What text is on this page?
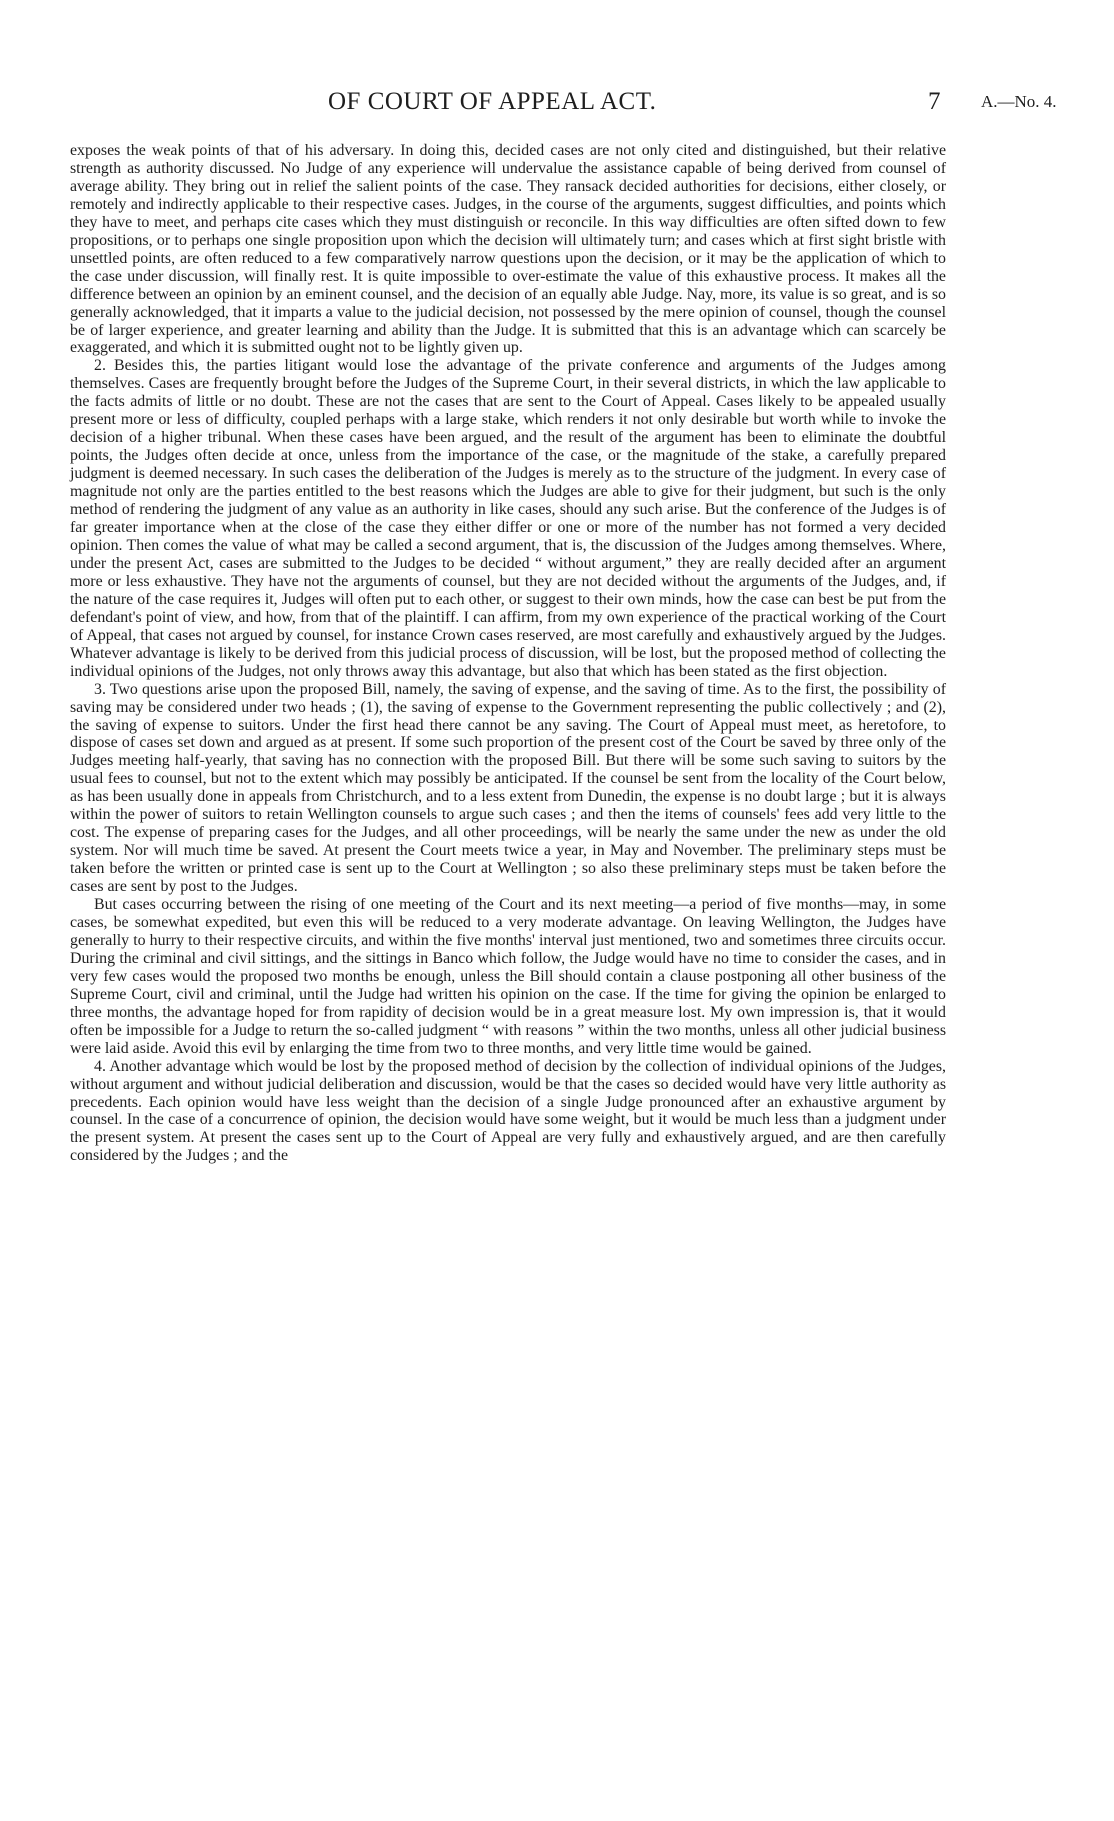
OF COURT OF APPEAL ACT.	7 A.—No. 4.

exposes the weak points of that of his adversary. In doing this, decided cases are not only cited and distinguished, but their relative strength as authority discussed. No Judge of any experience will undervalue the assistance capable of being derived from counsel of average ability. They bring out in relief the salient points of the case. They ransack decided authorities for decisions, either closely, or remotely and indirectly applicable to their respective cases. Judges, in the course of the arguments, suggest difficulties, and points which they have to meet, and perhaps cite cases which they must distinguish or reconcile. In this way difficulties are often sifted down to few propositions, or to perhaps one single proposition upon which the decision will ultimately turn; and cases which at first sight bristle with unsettled points, are often reduced to a few comparatively narrow questions upon the decision, or it may be the application of which to the case under discussion, will finally rest. It is quite impossible to over-estimate the value of this exhaustive process. It makes all the difference between an opinion by an eminent counsel, and the decision of an equally able Judge. Nay, more, its value is so great, and is so generally acknowledged, that it imparts a value to the judicial decision, not possessed by the mere opinion of counsel, though the counsel be of larger experience, and greater learning and ability than the Judge. It is submitted that this is an advantage which can scarcely be exaggerated, and which it is submitted ought not to be lightly given up.

2. Besides this, the parties litigant would lose the advantage of the private conference and arguments of the Judges among themselves. Cases are frequently brought before the Judges of the Supreme Court, in their several districts, in which the law applicable to the facts admits of little or no doubt. These are not the cases that are sent to the Court of Appeal. Cases likely to be appealed usually present more or less of difficulty, coupled perhaps with a large stake, which renders it not only desirable but worth while to invoke the decision of a higher tribunal. When these cases have been argued, and the result of the argument has been to eliminate the doubtful points, the Judges often decide at once, unless from the importance of the case, or the magnitude of the stake, a carefully prepared judgment is deemed necessary. In such cases the deliberation of the Judges is merely as to the structure of the judgment. In every case of magnitude not only are the parties entitled to the best reasons which the Judges are able to give for their judgment, but such is the only method of rendering the judgment of any value as an authority in like cases, should any such arise. But the conference of the Judges is of far greater importance when at the close of the case they either differ or one or more of the number has not formed a very decided opinion. Then comes the value of what may be called a second argument, that is, the discussion of the Judges among themselves. Where, under the present Act, cases are submitted to the Judges to be decided “ without argument,” they are really decided after an argument more or less exhaustive. They have not the arguments of counsel, but they are not decided without the arguments of the Judges, and, if the nature of the case requires it, Judges will often put to each other, or suggest to their own minds, how the case can best be put from the defendant's point of view, and how, from that of the plaintiff. I can affirm, from my own experience of the practical working of the Court of Appeal, that cases not argued by counsel, for instance Crown cases reserved, are most carefully and exhaustively argued by the Judges. Whatever advantage is likely to be derived from this judicial process of discussion, will be lost, but the proposed method of collecting the individual opinions of the Judges, not only throws away this advantage, but also that which has been stated as the first objection.

3. Two questions arise upon the proposed Bill, namely, the saving of expense, and the saving of time. As to the first, the possibility of saving may be considered under two heads ; (1), the saving of expense to the Government representing the public collectively ; and (2), the saving of expense to suitors. Under the first head there cannot be any saving. The Court of Appeal must meet, as heretofore, to dispose of cases set down and argued as at present. If some such proportion of the present cost of the Court be saved by three only of the Judges meeting half-yearly, that saving has no connection with the proposed Bill. But there will be some such saving to suitors by the usual fees to counsel, but not to the extent which may possibly be anticipated. If the counsel be sent from the locality of the Court below, as has been usually done in appeals from Christchurch, and to a less extent from Dunedin, the expense is no doubt large ; but it is always within the power of suitors to retain Wellington counsels to argue such cases ; and then the items of counsels' fees add very little to the cost. The expense of preparing cases for the Judges, and all other proceedings, will be nearly the same under the new as under the old system. Nor will much time be saved. At present the Court meets twice a year, in May and November. The preliminary steps must be taken before the written or printed case is sent up to the Court at Wellington ; so also these preliminary steps must be taken before the cases are sent by post to the Judges.

But cases occurring between the rising of one meeting of the Court and its next meeting—a period of five months—may, in some cases, be somewhat expedited, but even this will be reduced to a very moderate advantage. On leaving Wellington, the Judges have generally to hurry to their respective circuits, and within the five months' interval just mentioned, two and sometimes three circuits occur. During the criminal and civil sittings, and the sittings in Banco which follow, the Judge would have no time to consider the cases, and in very few cases would the proposed two months be enough, unless the Bill should contain a clause postponing all other business of the Supreme Court, civil and criminal, until the Judge had written his opinion on the case. If the time for giving the opinion be enlarged to three months, the advantage hoped for from rapidity of decision would be in a great measure lost. My own impression is, that it would often be impossible for a Judge to return the so-called judgment “ with reasons ” within the two months, unless all other judicial business were laid aside. Avoid this evil by enlarging the time from two to three months, and very little time would be gained.

4. Another advantage which would be lost by the proposed method of decision by the collection of individual opinions of the Judges, without argument and without judicial deliberation and discussion, would be that the cases so decided would have very little authority as precedents. Each opinion would have less weight than the decision of a single Judge pronounced after an exhaustive argument by counsel. In the case of a concurrence of opinion, the decision would have some weight, but it would be much less than a judgment under the present system. At present the cases sent up to the Court of Appeal are very fully and exhaustively argued, and are then carefully considered by the Judges ; and the
